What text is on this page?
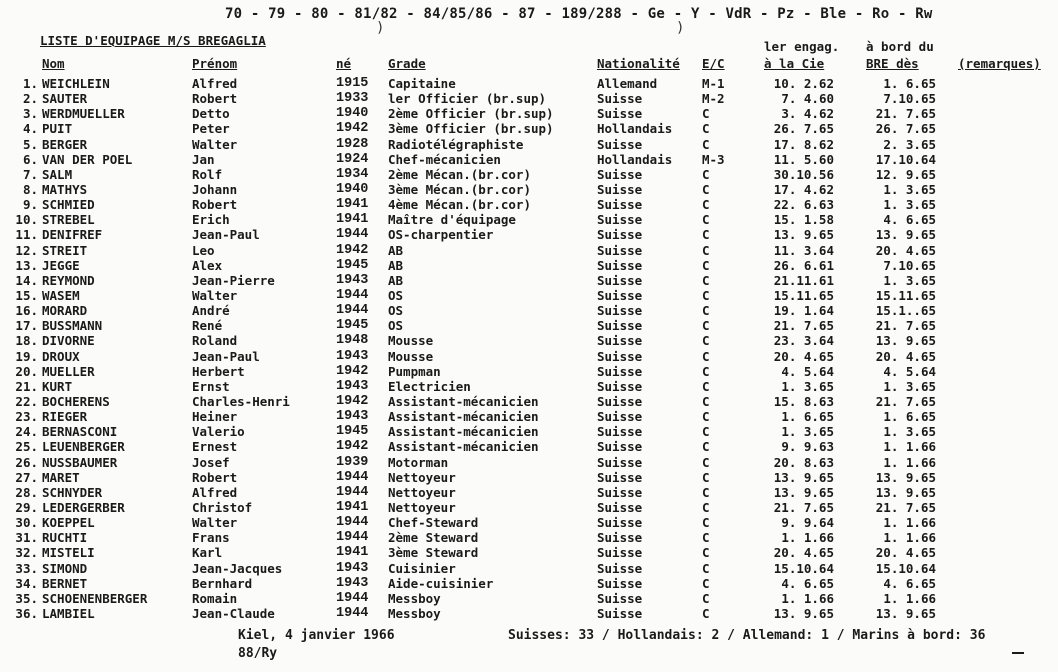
70 - 79 - 80 - 81/82 - 84/85/86 - 87 - 189/288 - Ge - Y - VdR - Pz - Ble - Ro - Rw
)	)
LISTE D'EQUIPAGE M/S BREGAGLIA
Nom	Prénom	né	Grade	Nationalité E/C
ler engag.
à la Cie
à bord du
BRE dès	(remarques)
1. WEICHLEIN	Alfred	1915 Capitaine	Allemand	M-1	10. 2.62	1. 6.65
2. SAUTER	Robert	1933 ler Officier (br.sup)	Suisse	M-2	7. 4.60	7.10.65
3. WERDMUELLER	Detto	1940 2ème Officier (br.sup)	Suisse	C	3. 4.62	21. 7.65
4. PUIT	Peter	1942 3ème Officier (br.sup)	Hollandais C	26. 7.65	26. 7.65
5. BERGER	Walter	1928 Radiotélégraphiste	Suisse	C	17. 8.62	2. 3.65
6. VAN DER POEL	Jan	1924 Chef-mécanicien	Hollandais M-3	11. 5.60	17.10.64
7. SALM	Rolf	1934 2ème Mécan.(br.cor)	Suisse	C	30.10.56	12. 9.65
8. MATHYS	Johann	1940 3ème Mécan.(br.cor)	Suisse	C	17. 4.62	1. 3.65
9. SCHMIED	Robert	1941 4ème Mécan.(br.cor)	Suisse	C	22. 6.63	1. 3.65
10. STREBEL	Erich	1941 Maître d'équipage	Suisse	C	15. 1.58	4. 6.65
11. DENIFREF	Jean-Paul	1944 OS-charpentier	Suisse	C	13. 9.65	13. 9.65
12. STREIT	Leo	1942 AB	Suisse	C	11. 3.64	20. 4.65
13. JEGGE	Alex	1945 AB	Suisse	C	26. 6.61	7.10.65
14. REYMOND	Jean-Pierre	1943 AB	Suisse	C	21.11.61	1. 3.65
15. WASEM	Walter	1944 OS	Suisse	C	15.11.65	15.11.65
16. MORARD	André	1944 OS	Suisse	C	19. 1.64	15.1..65
17. BUSSMANN	René	1945 OS	Suisse	C	21. 7.65	21. 7.65
18. DIVORNE	Roland	1948 Mousse	Suisse	C	23. 3.64	13. 9.65
19. DROUX	Jean-Paul	1943 Mousse	Suisse	C	20. 4.65	20. 4.65
20. MUELLER	Herbert	1942 Pumpman	Suisse	C	4. 5.64	4. 5.64
21. KURT	Ernst	1943 Electricien	Suisse	C	1. 3.65	1. 3.65
22. BOCHERENS	Charles-Henri	1942 Assistant-mécanicien	Suisse	C	15. 8.63	21. 7.65
23. RIEGER	Heiner	1943 Assistant-mécanicien	Suisse	C	1. 6.65	1. 6.65
24. BERNASCONI	Valerio	1945 Assistant-mécanicien	Suisse	C	1. 3.65	1. 3.65
25. LEUENBERGER	Ernest	1942 Assistant-mécanicien	Suisse	C	9. 9.63	1. 1.66
26. NUSSBAUMER	Josef	1939 Motorman	Suisse	C	20. 8.63	1. 1.66
27. MARET	Robert	1944 Nettoyeur	Suisse	C	13. 9.65	13. 9.65
28. SCHNYDER	Alfred	1944 Nettoyeur	Suisse	C	13. 9.65	13. 9.65
29. LEDERGERBER	Christof	1941 Nettoyeur	Suisse	C	21. 7.65	21. 7.65
30. KOEPPEL	Walter	1944 Chef-Steward	Suisse	C	9. 9.64	1. 1.66
31. RUCHTI	Frans	1944 2ème Steward	Suisse	C	1. 1.66	1. 1.66
32. MISTELI	Karl	1941 3ème Steward	Suisse	C	20. 4.65	20. 4.65
33. SIMOND	Jean-Jacques	1943 Cuisinier	Suisse	C	15.10.64	15.10.64
34. BERNET	Bernhard	1943 Aide-cuisinier	Suisse	C	4. 6.65	4. 6.65
35. SCHOENENBERGER	Romain	1944 Messboy	Suisse	C	1. 1.66	1. 1.66
36. LAMBIEL	Jean-Claude	1944 Messboy	Suisse	C	13. 9.65	13. 9.65
Kiel, 4 janvier 1966
88/Ry
Suisses: 33 / Hollandais: 2 / Allemand: 1 / Marins à bord: 36
